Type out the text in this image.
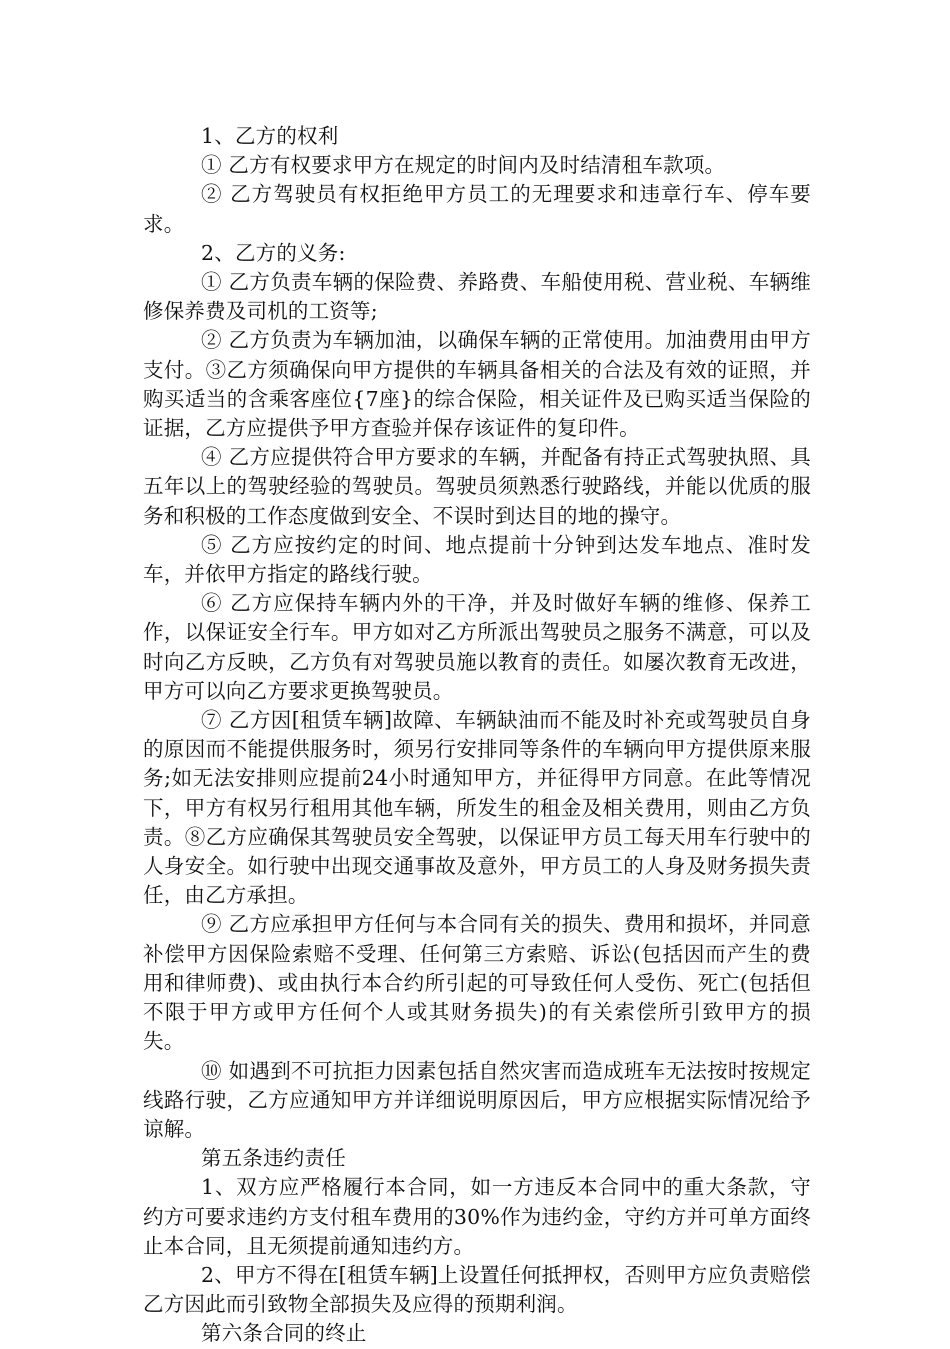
1、乙方的权利

① 乙方有权要求甲方在规定的时间内及时结清租车款项。

② 乙方驾驶员有权拒绝甲方员工的无理要求和违章行车、停车要求。

2、乙方的义务:

① 乙方负责车辆的保险费、养路费、车船使用税、营业税、车辆维修保养费及司机的工资等;

② 乙方负责为车辆加油，以确保车辆的正常使用。加油费用由甲方支付。③乙方须确保向甲方提供的车辆具备相关的合法及有效的证照，并购买适当的含乘客座位{7座}的综合保险，相关证件及已购买适当保险的证据，乙方应提供予甲方查验并保存该证件的复印件。

④ 乙方应提供符合甲方要求的车辆，并配备有持正式驾驶执照、具五年以上的驾驶经验的驾驶员。驾驶员须熟悉行驶路线，并能以优质的服务和积极的工作态度做到安全、不误时到达目的地的操守。

⑤ 乙方应按约定的时间、地点提前十分钟到达发车地点、准时发车，并依甲方指定的路线行驶。

⑥ 乙方应保持车辆内外的干净，并及时做好车辆的维修、保养工作，以保证安全行车。甲方如对乙方所派出驾驶员之服务不满意，可以及时向乙方反映，乙方负有对驾驶员施以教育的责任。如屡次教育无改进，甲方可以向乙方要求更换驾驶员。

⑦ 乙方因[租赁车辆]故障、车辆缺油而不能及时补充或驾驶员自身的原因而不能提供服务时，须另行安排同等条件的车辆向甲方提供原来服务;如无法安排则应提前24小时通知甲方，并征得甲方同意。在此等情况下，甲方有权另行租用其他车辆，所发生的租金及相关费用，则由乙方负责。⑧乙方应确保其驾驶员安全驾驶，以保证甲方员工每天用车行驶中的人身安全。如行驶中出现交通事故及意外，甲方员工的人身及财务损失责任，由乙方承担。

⑨ 乙方应承担甲方任何与本合同有关的损失、费用和损坏，并同意补偿甲方因保险索赔不受理、任何第三方索赔、诉讼(包括因而产生的费用和律师费)、或由执行本合约所引起的可导致任何人受伤、死亡(包括但不限于甲方或甲方任何个人或其财务损失)的有关索偿所引致甲方的损失。

⑩ 如遇到不可抗拒力因素包括自然灾害而造成班车无法按时按规定线路行驶，乙方应通知甲方并详细说明原因后，甲方应根据实际情况给予谅解。

第五条违约责任

1、双方应严格履行本合同，如一方违反本合同中的重大条款，守约方可要求违约方支付租车费用的30%作为违约金，守约方并可单方面终止本合同，且无须提前通知违约方。

2、甲方不得在[租赁车辆]上设置任何抵押权，否则甲方应负责赔偿乙方因此而引致物全部损失及应得的预期利润。

第六条合同的终止
